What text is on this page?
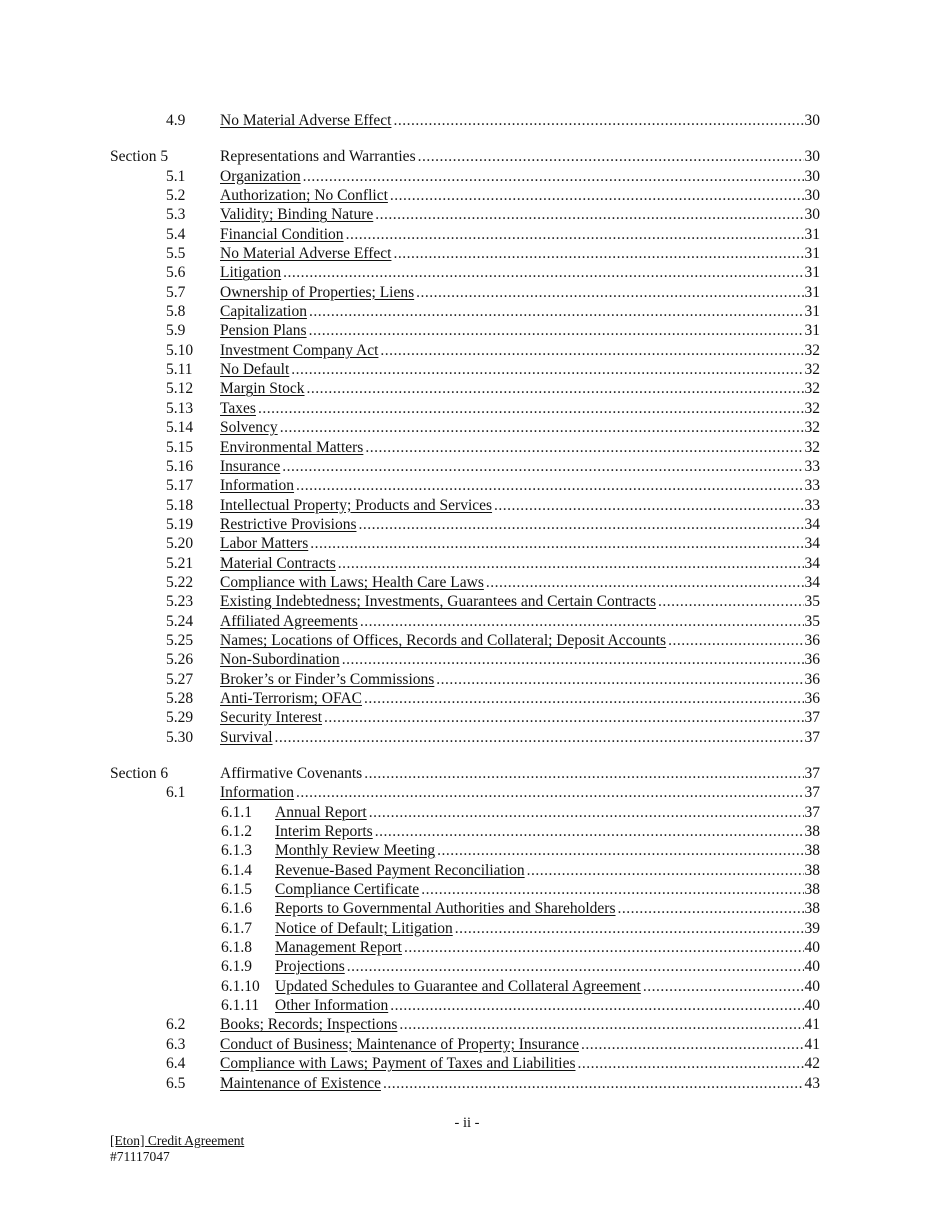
4.9 No Material Adverse Effect .....	30
Section 5	Representations and Warranties .....	30
5.1 Organization .....	30
5.2 Authorization; No Conflict .....	30
5.3 Validity; Binding Nature .....	30
5.4 Financial Condition .....	31
5.5 No Material Adverse Effect .....	31
5.6 Litigation .....	31
5.7 Ownership of Properties; Liens .....	31
5.8 Capitalization .....	31
5.9 Pension Plans .....	31
5.10 Investment Company Act .....	32
5.11 No Default .....	32
5.12 Margin Stock .....	32
5.13 Taxes .....	32
5.14 Solvency .....	32
5.15 Environmental Matters .....	32
5.16 Insurance .....	33
5.17 Information .....	33
5.18 Intellectual Property; Products and Services .....	33
5.19 Restrictive Provisions .....	34
5.20 Labor Matters .....	34
5.21 Material Contracts .....	34
5.22 Compliance with Laws; Health Care Laws .....	34
5.23 Existing Indebtedness; Investments, Guarantees and Certain Contracts .....	35
5.24 Affiliated Agreements .....	35
5.25 Names; Locations of Offices, Records and Collateral; Deposit Accounts .....	36
5.26 Non-Subordination .....	36
5.27 Broker’s or Finder’s Commissions .....	36
5.28 Anti-Terrorism; OFAC .....	36
5.29 Security Interest .....	37
5.30 Survival .....	37
Section 6	Affirmative Covenants .....	37
6.1 Information .....	37
6.1.1 Annual Report .....	37
6.1.2 Interim Reports .....	38
6.1.3 Monthly Review Meeting .....	38
6.1.4 Revenue-Based Payment Reconciliation .....	38
6.1.5 Compliance Certificate .....	38
6.1.6 Reports to Governmental Authorities and Shareholders .....	38
6.1.7 Notice of Default; Litigation .....	39
6.1.8 Management Report .....	40
6.1.9 Projections .....	40
6.1.10 Updated Schedules to Guarantee and Collateral Agreement .....	40
6.1.11 Other Information .....	40
6.2 Books; Records; Inspections .....	41
6.3 Conduct of Business; Maintenance of Property; Insurance .....	41
6.4 Compliance with Laws; Payment of Taxes and Liabilities .....	42
6.5 Maintenance of Existence .....	43
- ii -
[Eton] Credit Agreement
#71117047
